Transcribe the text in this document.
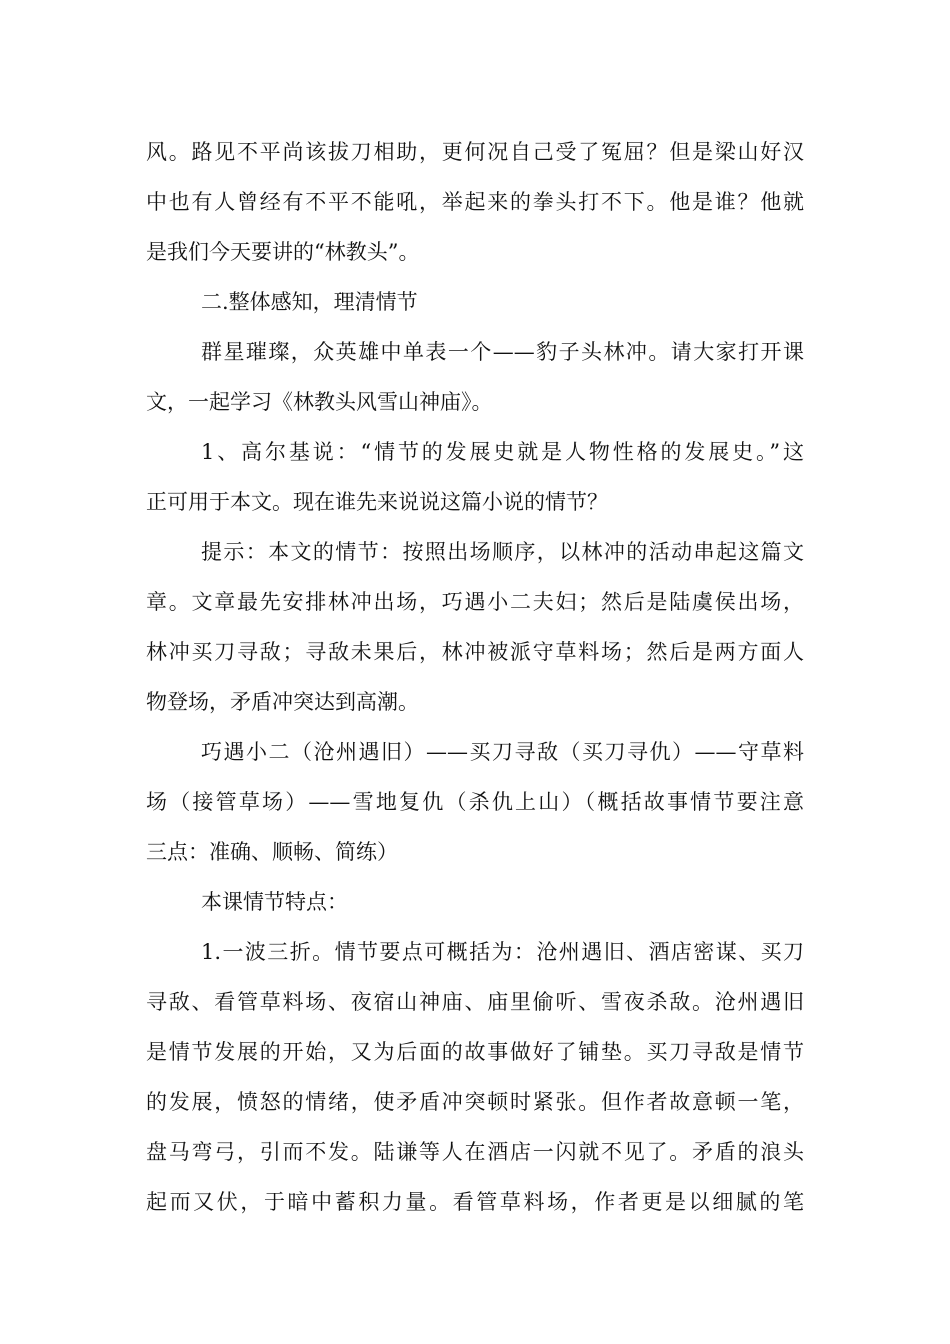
风。路见不平尚该拔刀相助，更何况自己受了冤屈？但是梁山好汉
中也有人曾经有不平不能吼，举起来的拳头打不下。他是谁？他就
是我们今天要讲的“林教头”。
二.整体感知，理清情节
群星璀璨，众英雄中单表一个——豹子头林冲。请大家打开课
文，一起学习《林教头风雪山神庙》。
1、高尔基说：“情节的发展史就是人物性格的发展史。”这
正可用于本文。现在谁先来说说这篇小说的情节？
提示：本文的情节：按照出场顺序，以林冲的活动串起这篇文
章。文章最先安排林冲出场，巧遇小二夫妇；然后是陆虞侯出场，
林冲买刀寻敌；寻敌未果后，林冲被派守草料场；然后是两方面人
物登场，矛盾冲突达到高潮。
巧遇小二（沧州遇旧）——买刀寻敌（买刀寻仇）——守草料
场（接管草场）——雪地复仇（杀仇上山）（概括故事情节要注意
三点：准确、顺畅、简练）
本课情节特点：
1.一波三折。情节要点可概括为：沧州遇旧、酒店密谋、买刀
寻敌、看管草料场、夜宿山神庙、庙里偷听、雪夜杀敌。沧州遇旧
是情节发展的开始，又为后面的故事做好了铺垫。买刀寻敌是情节
的发展，愤怒的情绪，使矛盾冲突顿时紧张。但作者故意顿一笔，
盘马弯弓，引而不发。陆谦等人在酒店一闪就不见了。矛盾的浪头
起而又伏，于暗中蓄积力量。看管草料场，作者更是以细腻的笔
